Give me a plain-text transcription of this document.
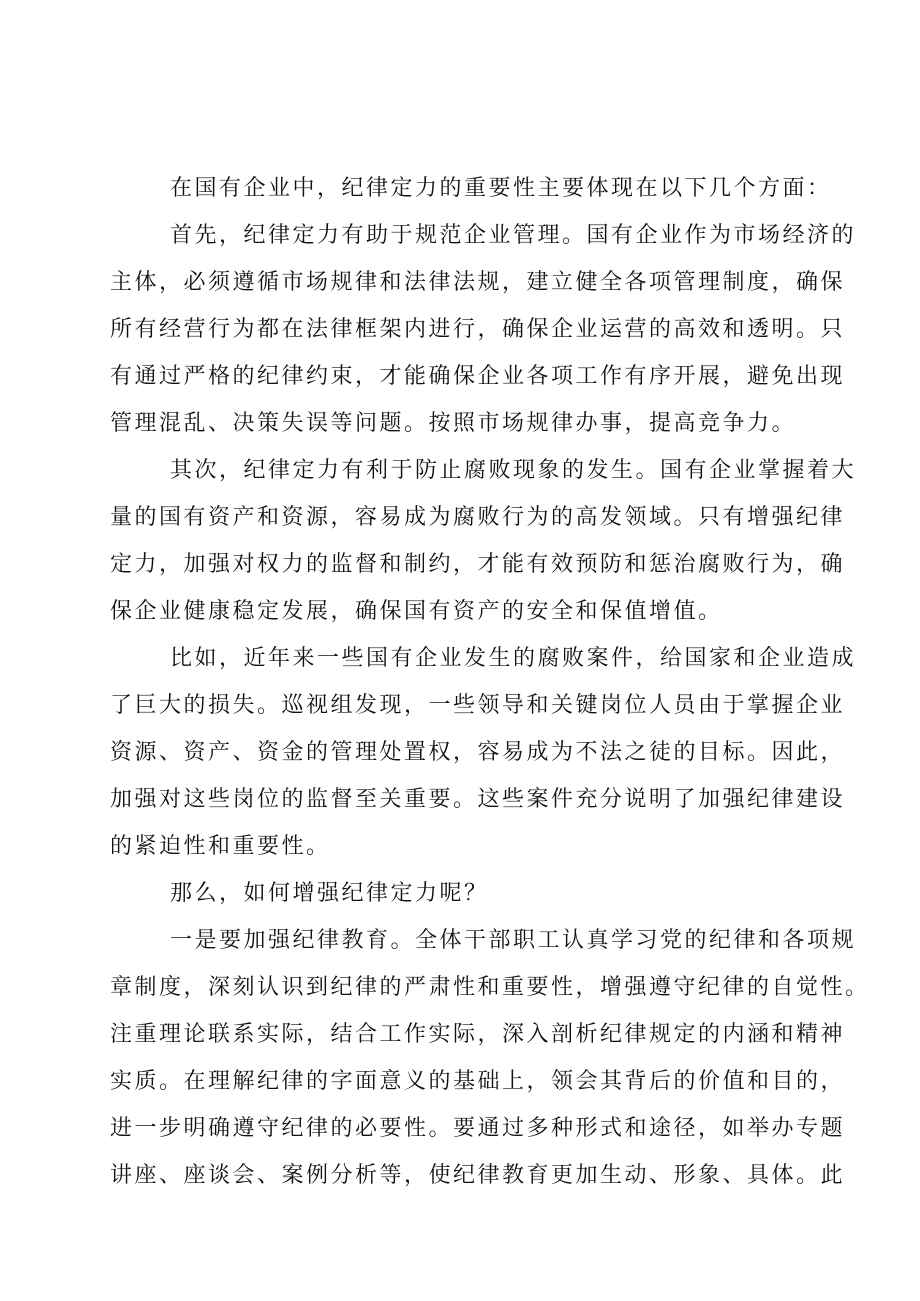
在国有企业中，纪律定力的重要性主要体现在以下几个方面：

首先，纪律定力有助于规范企业管理。国有企业作为市场经济的
主体，必须遵循市场规律和法律法规，建立健全各项管理制度，确保
所有经营行为都在法律框架内进行，确保企业运营的高效和透明。只
有通过严格的纪律约束，才能确保企业各项工作有序开展，避免出现
管理混乱、决策失误等问题。按照市场规律办事，提高竞争力。

其次，纪律定力有利于防止腐败现象的发生。国有企业掌握着大
量的国有资产和资源，容易成为腐败行为的高发领域。只有增强纪律
定力，加强对权力的监督和制约，才能有效预防和惩治腐败行为，确
保企业健康稳定发展，确保国有资产的安全和保值增值。

比如，近年来一些国有企业发生的腐败案件，给国家和企业造成
了巨大的损失。巡视组发现，一些领导和关键岗位人员由于掌握企业
资源、资产、资金的管理处置权，容易成为不法之徒的目标。因此，
加强对这些岗位的监督至关重要。这些案件充分说明了加强纪律建设
的紧迫性和重要性。

那么，如何增强纪律定力呢？

一是要加强纪律教育。全体干部职工认真学习党的纪律和各项规
章制度，深刻认识到纪律的严肃性和重要性，增强遵守纪律的自觉性。
注重理论联系实际，结合工作实际，深入剖析纪律规定的内涵和精神
实质。在理解纪律的字面意义的基础上，领会其背后的价值和目的，
进一步明确遵守纪律的必要性。要通过多种形式和途径，如举办专题
讲座、座谈会、案例分析等，使纪律教育更加生动、形象、具体。此
